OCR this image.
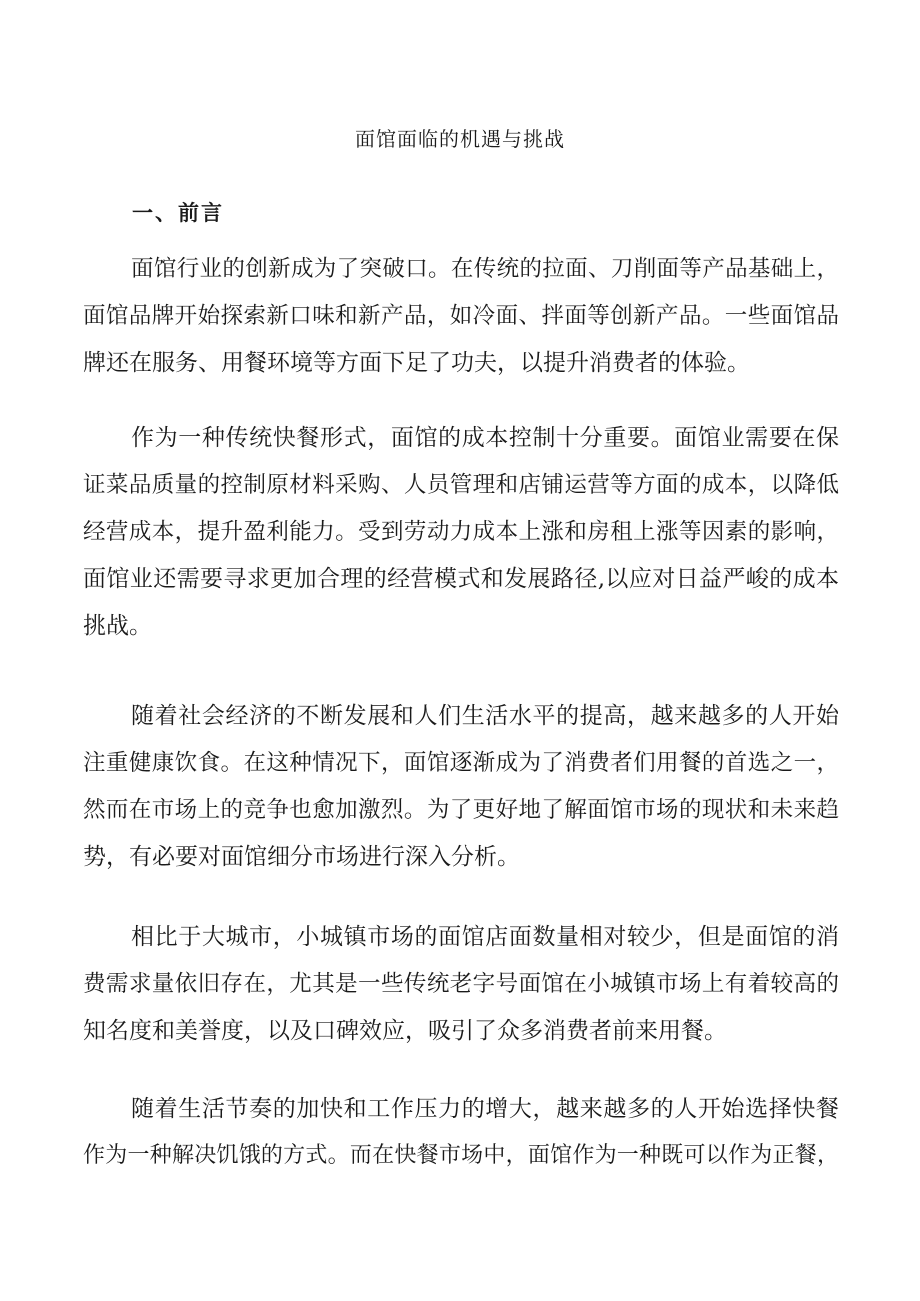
面馆面临的机遇与挑战
一、前言
面馆行业的创新成为了突破口。在传统的拉面、刀削面等产品基础上，
面馆品牌开始探索新口味和新产品，如冷面、拌面等创新产品。一些面馆品
牌还在服务、用餐环境等方面下足了功夫，以提升消费者的体验。
作为一种传统快餐形式，面馆的成本控制十分重要。面馆业需要在保
证菜品质量的控制原材料采购、人员管理和店铺运营等方面的成本，以降低
经营成本，提升盈利能力。受到劳动力成本上涨和房租上涨等因素的影响，
面馆业还需要寻求更加合理的经营模式和发展路径,以应对日益严峻的成本
挑战。
随着社会经济的不断发展和人们生活水平的提高，越来越多的人开始
注重健康饮食。在这种情况下，面馆逐渐成为了消费者们用餐的首选之一，
然而在市场上的竞争也愈加激烈。为了更好地了解面馆市场的现状和未来趋
势，有必要对面馆细分市场进行深入分析。
相比于大城市，小城镇市场的面馆店面数量相对较少，但是面馆的消
费需求量依旧存在，尤其是一些传统老字号面馆在小城镇市场上有着较高的
知名度和美誉度，以及口碑效应，吸引了众多消费者前来用餐。
随着生活节奏的加快和工作压力的增大，越来越多的人开始选择快餐
作为一种解决饥饿的方式。而在快餐市场中，面馆作为一种既可以作为正餐，
